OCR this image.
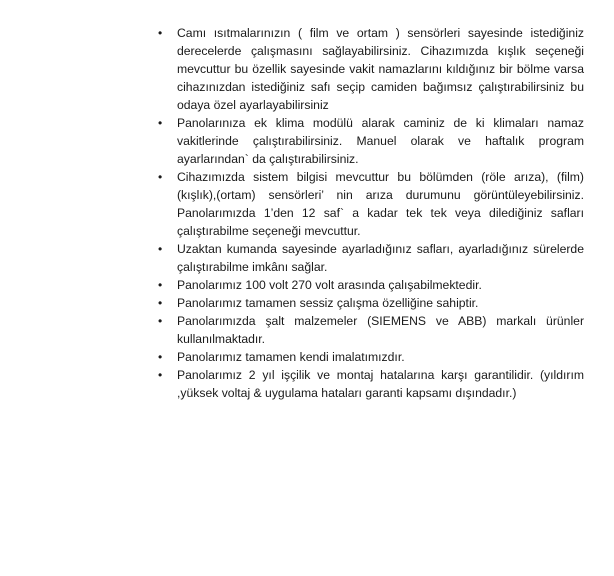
•	Camı ısıtmalarınızın ( film ve ortam ) sensörleri sayesinde istediğiniz derecelerde çalışmasını sağlayabilirsiniz. Cihazımızda kışlık seçeneği mevcuttur bu özellik sayesinde vakit namazlarını kıldığınız bir bölme varsa cihazınızdan istediğiniz safı seçip camiden bağımsız çalıştırabilirsiniz bu odaya özel ayarlayabilirsiniz
•	Panolarınıza ek klima modülü alarak caminiz de ki klimaları namaz vakitlerinde çalıştırabilirsiniz. Manuel olarak ve haftalık program ayarlarından` da çalıştırabilirsiniz.
•	Cihazımızda sistem bilgisi mevcuttur bu bölümden (röle arıza), (film) (kışlık),(ortam) sensörleri’ nin arıza durumunu görüntüleyebilirsiniz. Panolarımızda 1’den 12 saf` a kadar tek tek veya dilediğiniz safları çalıştırabilme seçeneği mevcuttur.
•	Uzaktan kumanda sayesinde ayarladığınız safları, ayarladığınız sürelerde çalıştırabilme imkânı sağlar.
•	Panolarımız 100 volt 270 volt arasında çalışabilmektedir.
•	Panolarımız tamamen sessiz çalışma özelliğine sahiptir.
•	Panolarımızda şalt malzemeler (SIEMENS ve ABB) markalı ürünler kullanılmaktadır.
•	Panolarımız tamamen kendi imalatımızdır.
•	Panolarımız 2 yıl işçilik ve montaj hatalarına karşı garantilidir. (yıldırım ,yüksek voltaj & uygulama hataları garanti kapsamı dışındadır.)
